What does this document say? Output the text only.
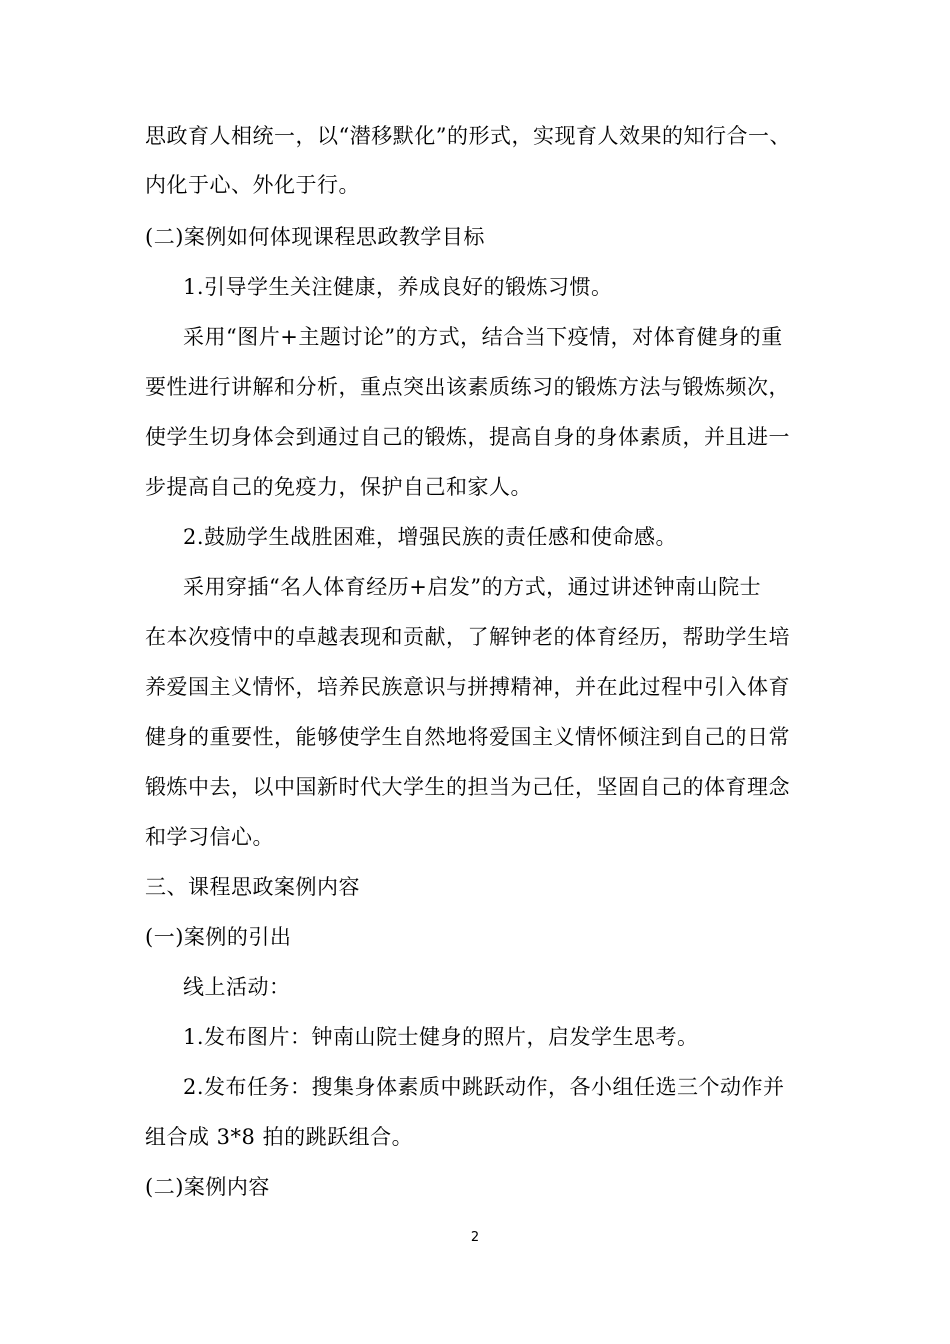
思政育人相统一，以“潜移默化”的形式，实现育人效果的知行合一、
内化于心、外化于行。
(二)案例如何体现课程思政教学目标
1.引导学生关注健康，养成良好的锻炼习惯。
采用“图片+主题讨论”的方式，结合当下疫情，对体育健身的重
要性进行讲解和分析，重点突出该素质练习的锻炼方法与锻炼频次，
使学生切身体会到通过自己的锻炼，提高自身的身体素质，并且进一
步提高自己的免疫力，保护自己和家人。
2.鼓励学生战胜困难，增强民族的责任感和使命感。
采用穿插“名人体育经历+启发”的方式，通过讲述钟南山院士
在本次疫情中的卓越表现和贡献，了解钟老的体育经历，帮助学生培
养爱国主义情怀，培养民族意识与拼搏精神，并在此过程中引入体育
健身的重要性，能够使学生自然地将爱国主义情怀倾注到自己的日常
锻炼中去，以中国新时代大学生的担当为己任，坚固自己的体育理念
和学习信心。
三、课程思政案例内容
(一)案例的引出
线上活动：
1.发布图片：钟南山院士健身的照片，启发学生思考。
2.发布任务：搜集身体素质中跳跃动作，各小组任选三个动作并
组合成 3*8 拍的跳跃组合。
(二)案例内容
2
